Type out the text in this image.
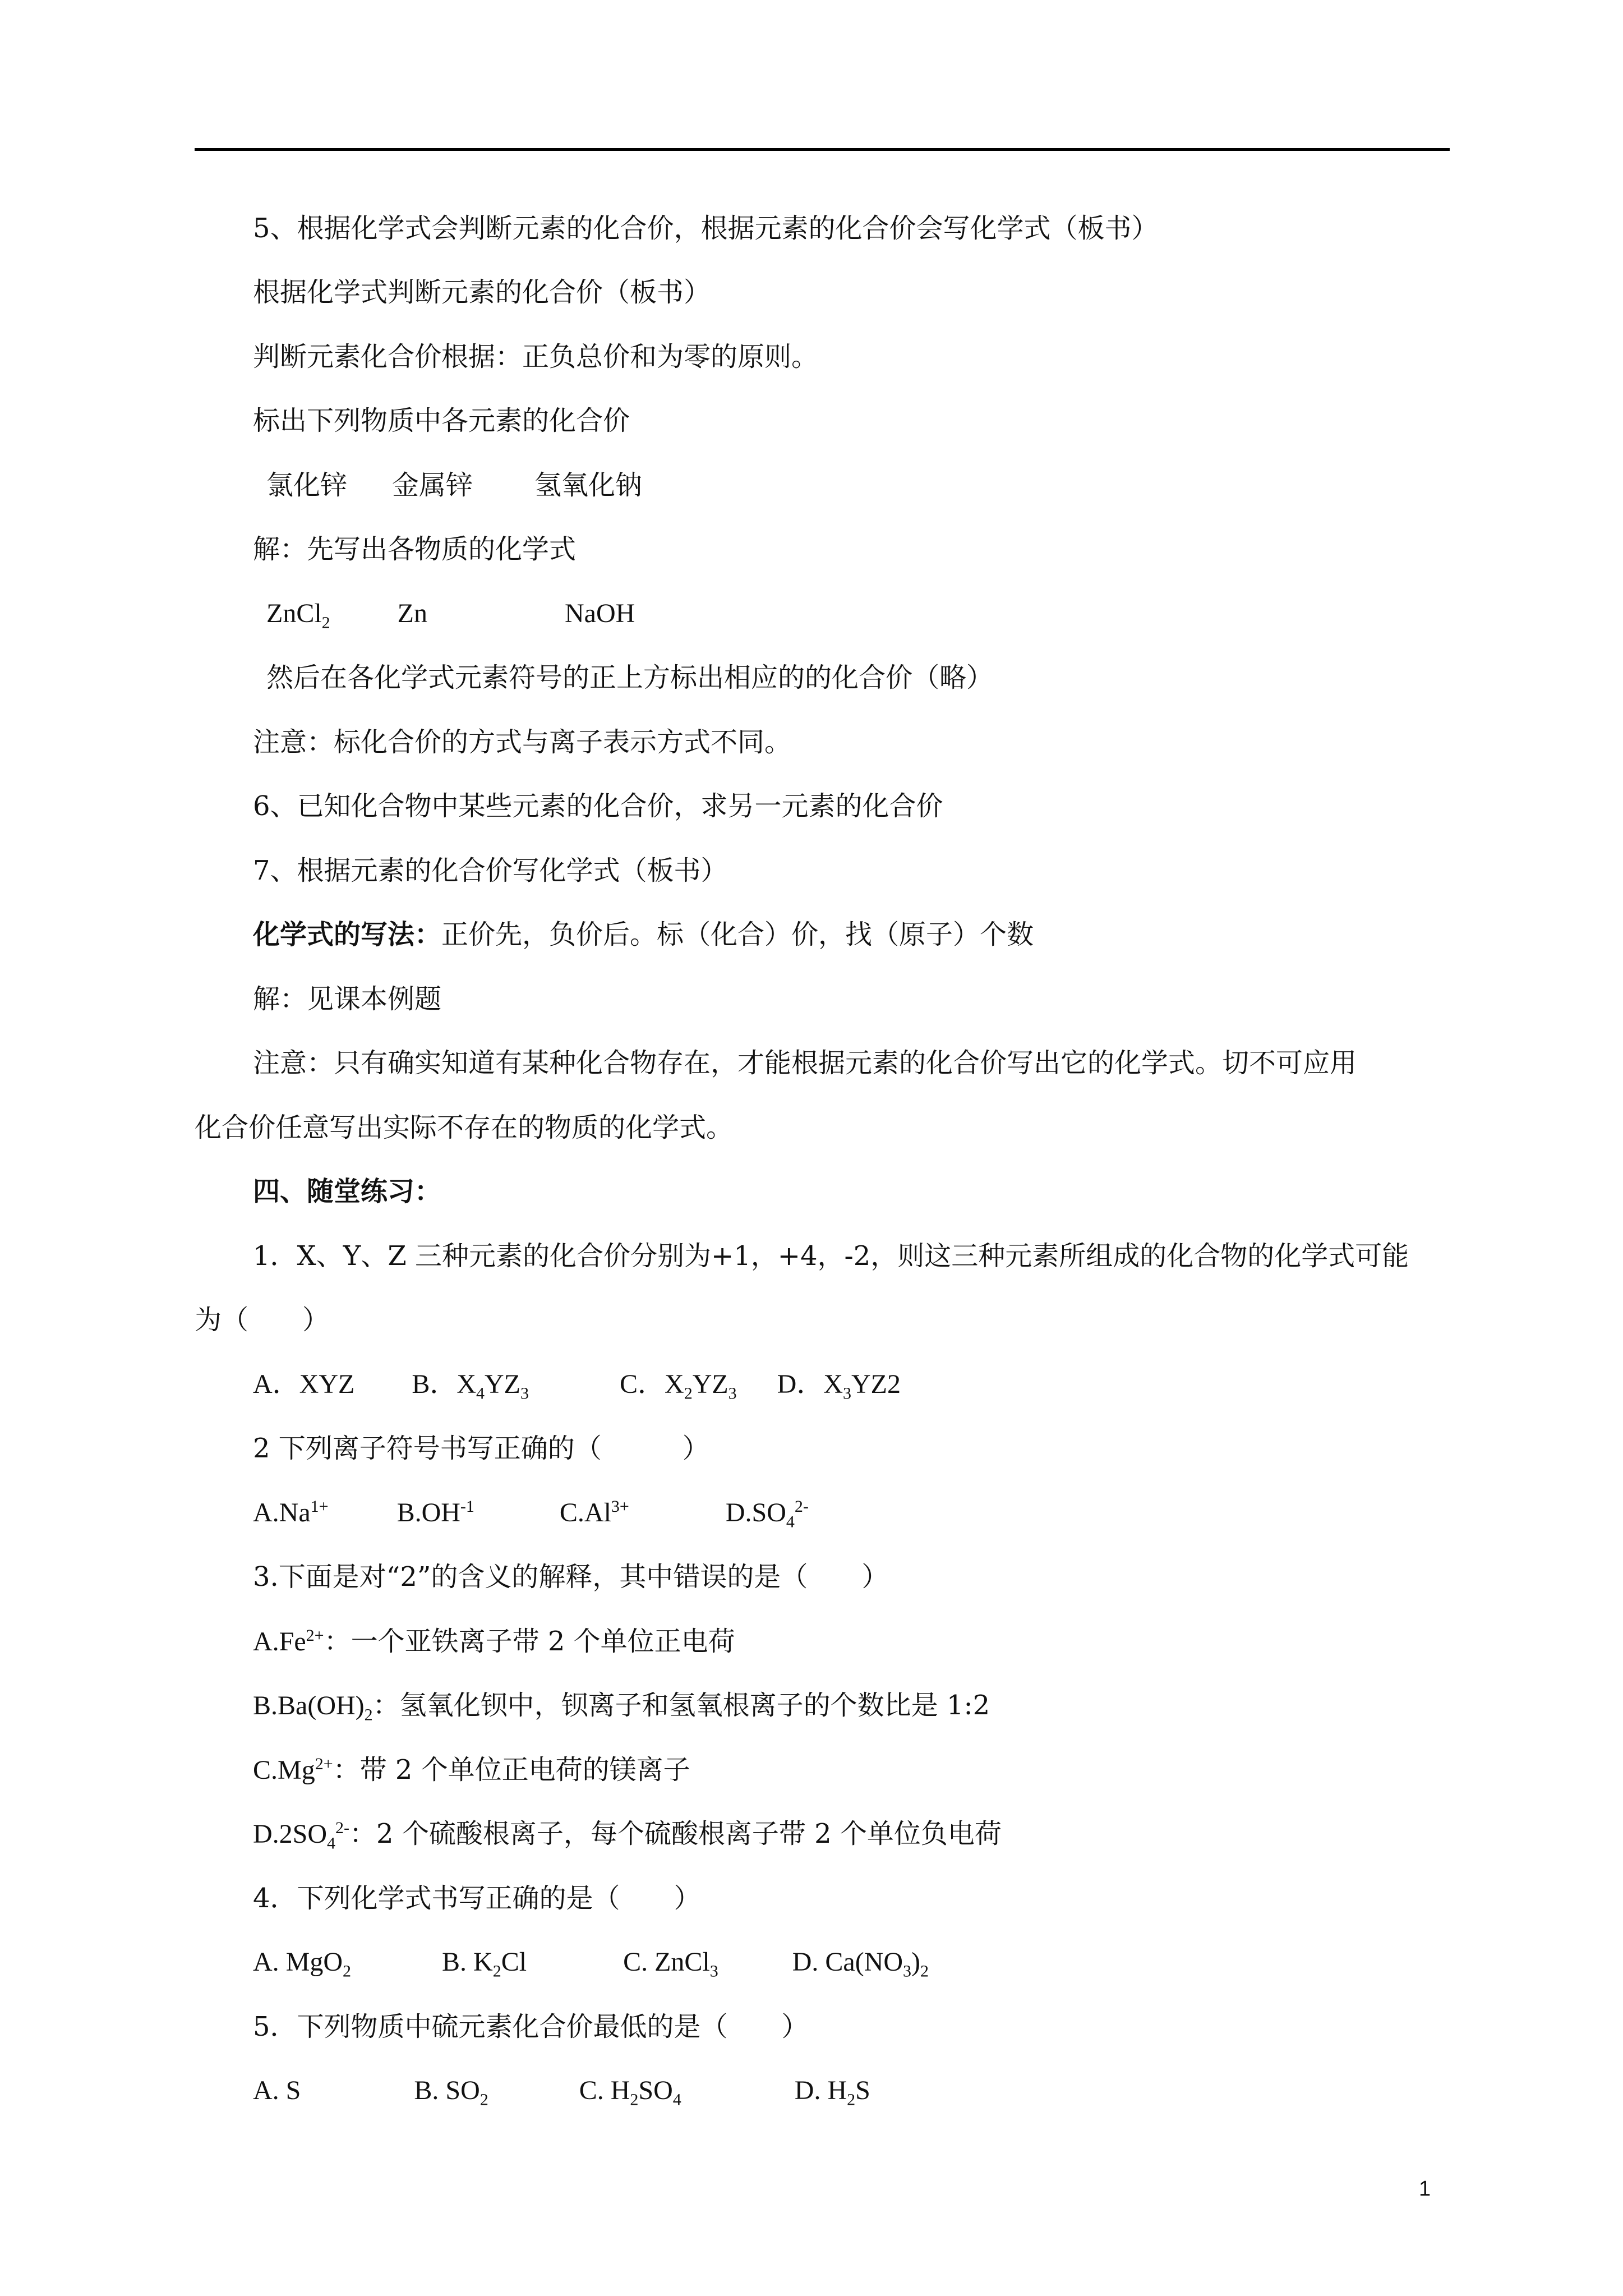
5、根据化学式会判断元素的化合价，根据元素的化合价会写化学式（板书）
根据化学式判断元素的化合价（板书）
判断元素化合价根据：正负总价和为零的原则。
标出下列物质中各元素的化合价
氯化锌 金属锌 氢氧化钠
解：先写出各物质的化学式
ZnCl$_2$	Zn	NaOH
然后在各化学式元素符号的正上方标出相应的的化合价（略）
注意：标化合价的方式与离子表示方式不同。
6、已知化合物中某些元素的化合价，求另一元素的化合价
7、根据元素的化合价写化学式（板书）
化学式的写法：正价先，负价后。标（化合）价，找（原子）个数
解：见课本例题
注意：只有确实知道有某种化合物存在，才能根据元素的化合价写出它的化学式。切不可应用
化合价任意写出实际不存在的物质的化学式。
四、随堂练习：
1．X、Y、Z 三种元素的化合价分别为+1，+4，-2，则这三种元素所组成的化合物的化学式可能
为（　　）
A．XYZ B．$X_4YZ_3$	C．$X_2YZ_3$ D．$X_3YZ2$
2 下列离子符号书写正确的（　　　）
$A.Na^{1+}$	$B.OH^{-1}$	$C.Al^{3+}$	$D.SO_4^{2-}$
3.下面是对“2”的含义的解释，其中错误的是（　　）
$A.Fe^{2+}$：一个亚铁离子带 2 个单位正电荷
$B.Ba(OH)_2$：氢氧化钡中，钡离子和氢氧根离子的个数比是 1:2
$C.Mg^{2+}$：带 2 个单位正电荷的镁离子
$D.2SO_4^{2-}$：2 个硫酸根离子，每个硫酸根离子带 2 个单位负电荷
4．下列化学式书写正确的是（　　）
A. MgO$_2$	B. $K_2Cl$	C. ZnCl$_3$	D. $Ca(NO_3)_2$
5．下列物质中硫元素化合价最低的是（　　）
A. S	B. $SO_2$	C. $H_2SO_4$	D. $H_2S$
1
